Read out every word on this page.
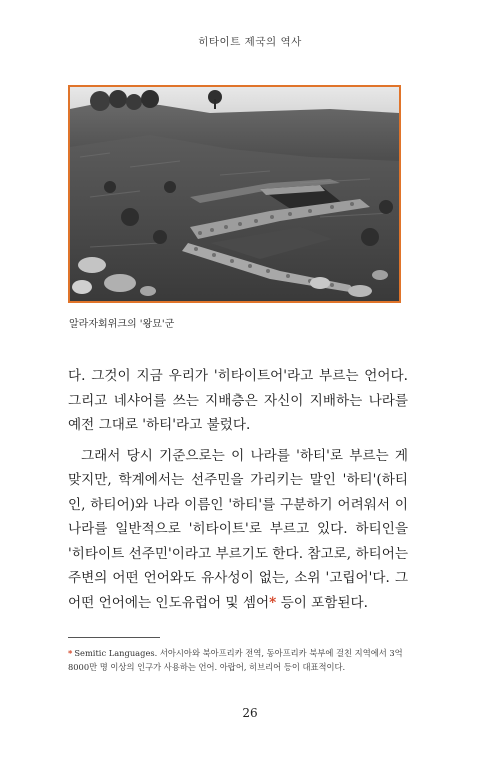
히타이트 제국의 역사
알라자회위크의 '왕묘'군

다. 그것이 지금 우리가 '히타이트어'라고 부르는 언어다. 그리고 네샤어를 쓰는 지배층은 자신이 지배하는 나라를 예전 그대로 '하티'라고 불렀다.

그래서 당시 기준으로는 이 나라를 '하티'로 부르는 게 맞지만, 학계에서는 선주민을 가리키는 말인 '하티'(하티인, 하티어)와 나라 이름인 '하티'를 구분하기 어려워서 이 나라를 일반적으로 '히타이트'로 부르고 있다. 하티인을 '히타이트 선주민'이라고 부르기도 한다. 참고로, 하티어는 주변의 어떤 언어와도 유사성이 없는, 소위 '고립어'다. 그 어떤 언어에는 인도유럽어 및 셈어* 등이 포함된다.

* Semitic Languages. 서아시아와 북아프리카 전역, 동아프리카 북부에 걸친 지역에서 3억 8000만 명 이상의 인구가 사용하는 언어. 아랍어, 히브리어 등이 대표적이다.
26
